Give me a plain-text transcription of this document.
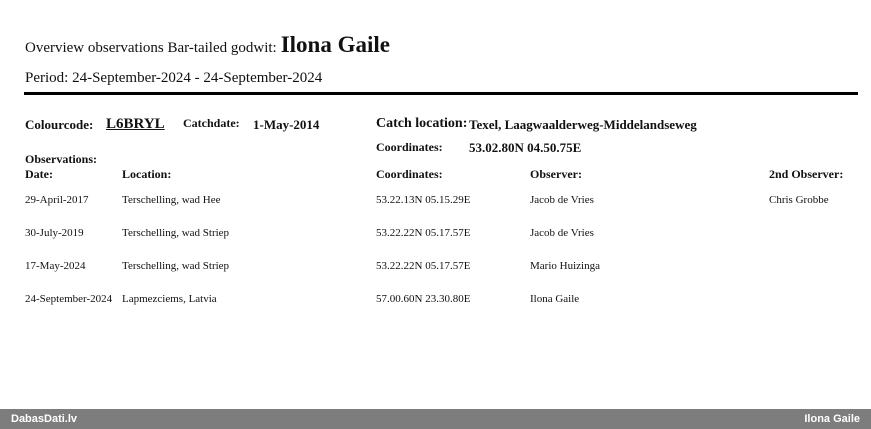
Overview observations Bar-tailed godwit: Ilona Gaile
Period: 24-September-2024 - 24-September-2024
Colourcode: L6BRYL Catchdate: 1-May-2014	Catch location: Texel, Laagwaalderweg-Middelandseweg
Coordinates: 53.02.80N 04.50.75E
Observations:
Date:	Location:	Coordinates:	Observer:	2nd Observer:
29-April-2017	Terschelling, wad Hee	53.22.13N 05.15.29E	Jacob de Vries	Chris Grobbe
30-July-2019	Terschelling, wad Striep	53.22.22N 05.17.57E	Jacob de Vries
17-May-2024	Terschelling, wad Striep	53.22.22N 05.17.57E	Mario Huizinga
24-September-2024 Lapmezciems, Latvia	57.00.60N 23.30.80E	Ilona Gaile
DabasDati.lv	Ilona Gaile
